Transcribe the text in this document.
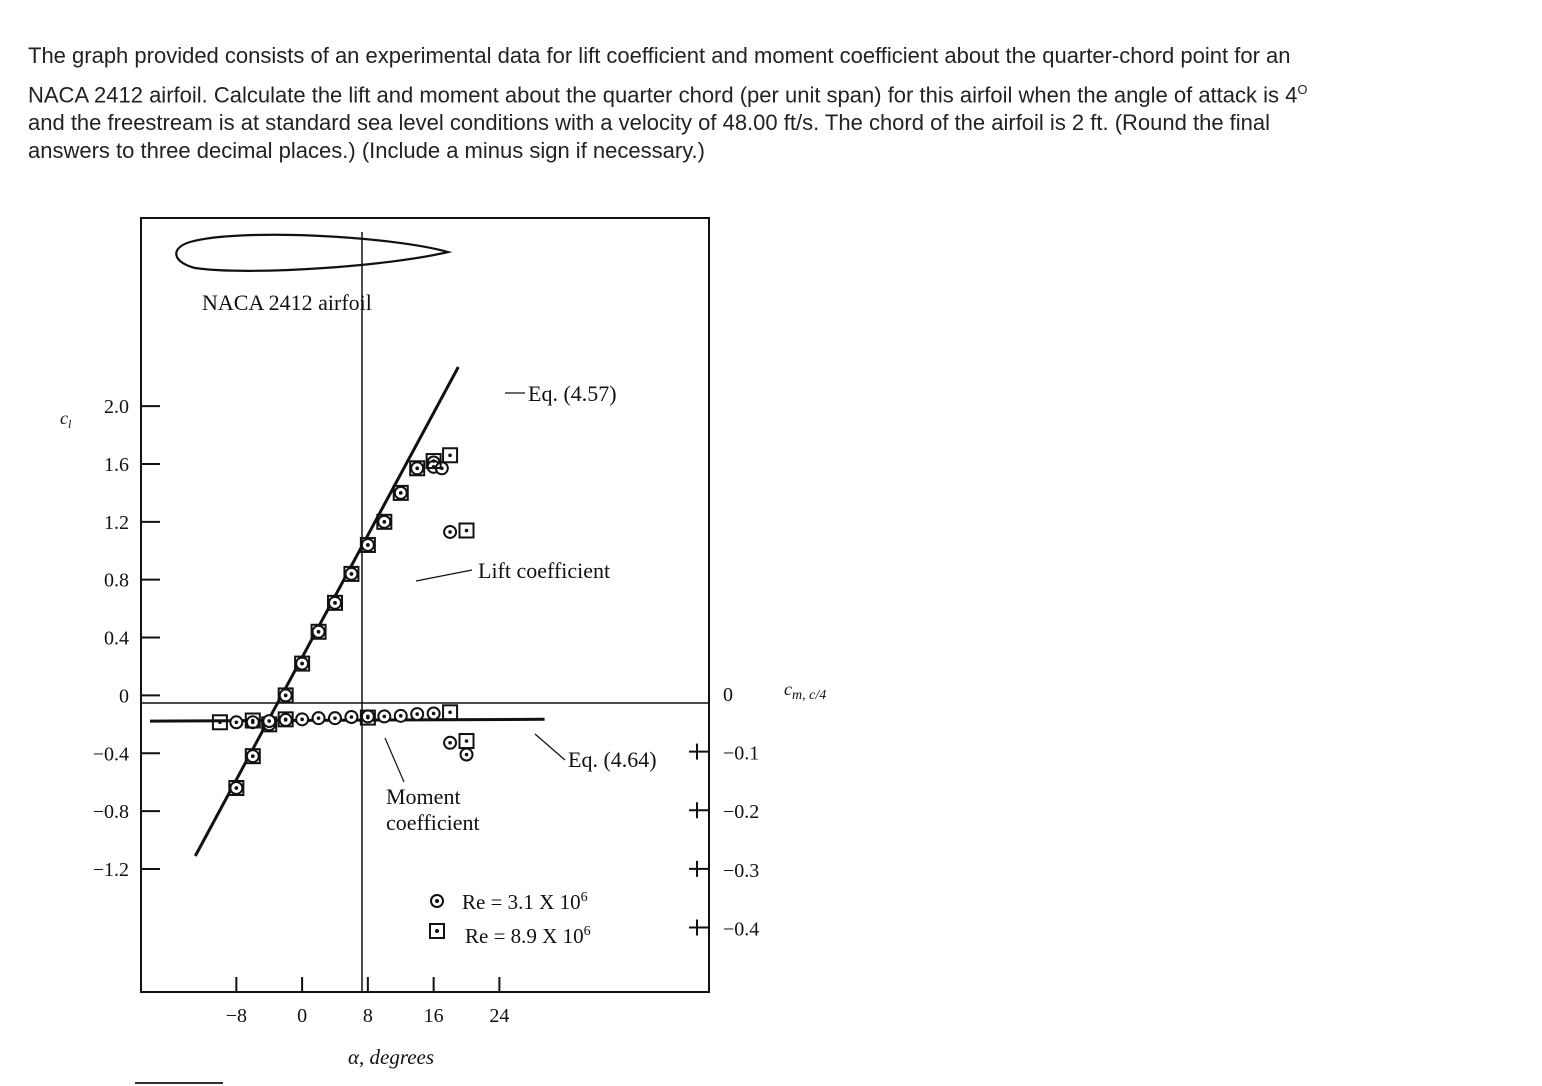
The graph provided consists of an experimental data for lift coefficient and moment coefficient about the quarter-chord point for an

NACA 2412 airfoil. Calculate the lift and moment about the quarter chord (per unit span) for this airfoil when the angle of attack is $4^O$

and the freestream is at standard sea level conditions with a velocity of 48.00 ft/s. The chord of the airfoil is 2 ft. (Round the final

answers to three decimal places.) (Include a minus sign if necessary.)

NACA 2412 airfoil
2.0
1.6
1.2
0.8
0.4
0
−0.4
−0.8
−1.2
0
−0.1
−0.2
−0.3
−0.4
−8	0	8	16 24
$c_l$
$c_{m, c/4}$
α, degrees
Eq. (4.57)
Lift coefficient
Eq. (4.64)
Moment
coefficient
Re = 3.1 X $10^6$
Re = 8.9 X $10^6$
